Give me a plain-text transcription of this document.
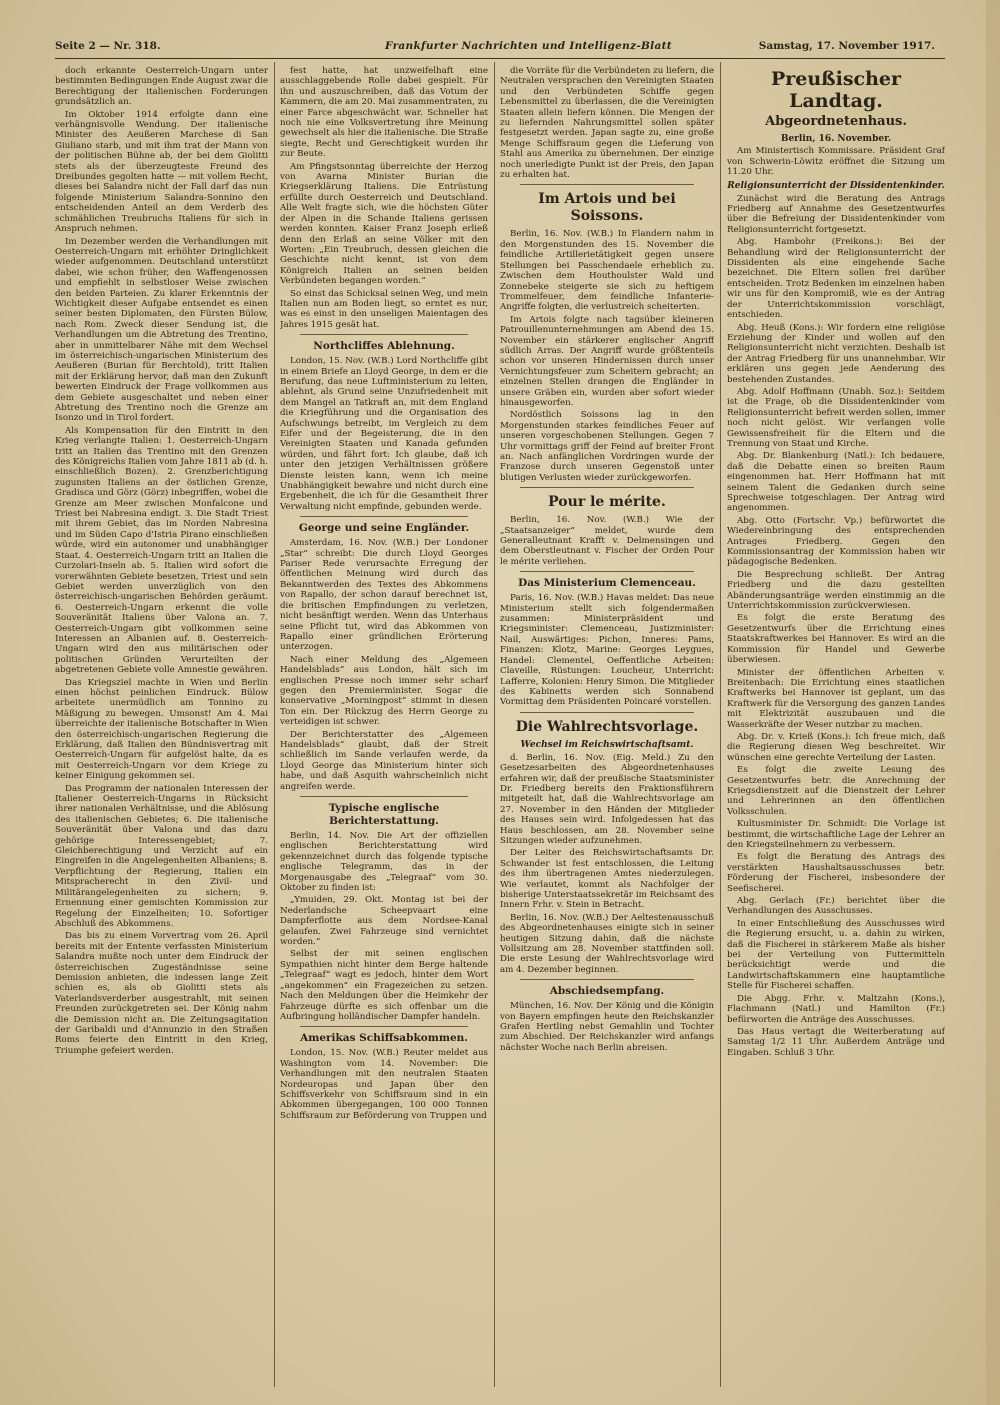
Seite 2 — Nr. 318.	Frankfurter Nachrichten und Intelligenz-Blatt	Samstag, 17. November 1917.

doch erkannte Oesterreich-Ungarn unter bestimmten Bedingungen Ende August zwar die Berechtigung der italienischen Forderungen grundsätzlich an.

Im Oktober 1914 erfolgte dann eine verhängnisvolle Wendung. Der italienische Minister des Aeußeren Marchese di San Giuliano starb, und mit ihm trat der Mann von der politischen Bühne ab, der bei dem Giolitti stets als der überzeugteste Freund des Dreibundes gegolten hatte — mit vollem Recht, dieses bei Salandra nicht der Fall darf das nun folgende Ministerium Salandra-Sonnino den entscheidenden Anteil an dem Verderb des schmählichen Treubruchs Italiens für sich in Anspruch nehmen.

Im Dezember werden die Verhandlungen mit Oesterreich-Ungarn mit erhöhter Dringlichkeit wieder aufgenommen. Deutschland unterstützt dabei, wie schon früher, den Waffengenossen und empfiehlt in selbstloser Weise zwischen den beiden Parteien. Zu klarer Erkenntnis der Wichtigkeit dieser Aufgabe entsendet es einen seiner besten Diplomaten, den Fürsten Bülow, nach Rom. Zweck dieser Sendung ist, die Verhandlungen um die Abtretung des Trentino, aber in unmittelbarer Nähe mit dem Wechsel im österreichisch-ungarischen Ministerium des Aeußeren (Burian für Berchtold), tritt Italien mit der Erklärung hervor, daß man den Zukunft bewerten Eindruck der Frage vollkommen aus dem Gebiete ausgeschaltet und neben einer Abtretung des Trentino noch die Grenze am Isonzo und in Tirol fordert.

Als Kompensation für den Eintritt in den Krieg verlangte Italien: 1. Oesterreich-Ungarn tritt an Italien das Trentino mit den Grenzen des Königreichs Italien vom Jahre 1811 ab (d. h. einschließlich Bozen). 2. Grenzberichtigung zugunsten Italiens an der östlichen Grenze, Gradisca und Görz (Görz) inbegriffen, wobei die Grenze am Meer zwischen Monfalcone und Triest bei Nabresina endigt. 3. Die Stadt Triest mit ihrem Gebiet, das im Norden Nabresina und im Süden Capo d'Istria Pirano einschließen würde, wird ein autonomer und unabhängiger Staat. 4. Oesterreich-Ungarn tritt an Italien die Curzolari-Inseln ab. 5. Italien wird sofort die vorerwähnten Gebiete besetzen, Triest und sein Gebiet werden unverzüglich von den österreichisch-ungarischen Behörden geräumt. 6. Oesterreich-Ungarn erkennt die volle Souveränität Italiens über Valona an. 7. Oesterreich-Ungarn gibt vollkommen seine Interessen an Albanien auf. 8. Oesterreich-Ungarn wird den aus militärischen oder politischen Gründen Verurteilten der abgetretenen Gebiete volle Amnestie gewähren.

Das Kriegsziel machte in Wien und Berlin einen höchst peinlichen Eindruck. Bülow arbeitete unermüdlich am Tonnino zu Mäßigung zu bewegen. Umsonst! Am 4. Mai überreichte der italienische Botschafter in Wien den österreichisch-ungarischen Regierung die Erklärung, daß Italien den Bündnisvertrag mit Oesterreich-Ungarn für aufgelöst halte, da es mit Oesterreich-Ungarn vor dem Kriege zu keiner Einigung gekommen sei.

Das Programm der nationalen Interessen der Italiener Oesterreich-Ungarns in Rücksicht ihrer nationalen Verhältnisse, und die Ablösung des italienischen Gebietes; 6. Die italienische Souveränität über Valona und das dazu gehörige Interessengebiet; 7. Gleichberechtigung und Verzicht auf ein Eingreifen in die Angelegenheiten Albaniens; 8. Verpflichtung der Regierung, Italien ein Mitspracherecht in den Zivil- und Militärangelegenheiten zu sichern; 9. Ernennung einer gemischten Kommission zur Regelung der Einzelheiten; 10. Sofortiger Abschluß des Abkommens.

Das bis zu einem Vorvertrag vom 26. April bereits mit der Entente verfassten Ministerium Salandra mußte noch unter dem Eindruck der österreichischen Zugeständnisse seine Demission anbieten, die indessen lange Zeit schien es, als ob Giolitti stets als Vaterlandsverderber ausgestrahlt, mit seinen Freunden zurückgetreten sei. Der König nahm die Demission nicht an. Die Zeitungsagitation der Garibaldi und d'Annunzio in den Straßen Roms feierte den Eintritt in den Krieg, Triumphe gefeiert werden.

fest hatte, hat unzweifelhaft eine ausschlaggebende Rolle dabei gespielt. Für ihn und auszuschreiben, daß das Votum der Kammern, die am 20. Mai zusammentraten, zu einer Farce abgeschwächt war. Schneller hat noch nie eine Volksvertretung ihre Meinung gewechselt als hier die italienische. Die Straße siegte, Recht und Gerechtigkeit wurden ihr zur Beute.

Am Pfingstsonntag überreichte der Herzog von Avarna Minister Burian die Kriegserklärung Italiens. Die Entrüstung erfüllte durch Oesterreich und Deutschland. Alle Welt fragte sich, wie die höchsten Güter der Alpen in die Schande Italiens gerissen werden konnten. Kaiser Franz Joseph erließ denn den Erlaß an seine Völker mit den Worten: „Ein Treubruch, dessen gleichen die Geschichte nicht kennt, ist von dem Königreich Italien an seinen beiden Verbündeten begangen worden.“

So einst das Schicksal seinen Weg, und mein Italien nun am Boden liegt, so erntet es nur, was es einst in den unseligen Maientagen des Jahres 1915 gesät hat.

Northcliffes Ablehnung.

London, 15. Nov. (W.B.) Lord Northcliffe gibt in einem Briefe an Lloyd George, in dem er die Berufung, das neue Luftministerium zu leiten, ablehnt, als Grund seine Unzufriedenheit mit dem Mangel an Tatkraft an, mit dem England die Kriegführung und die Organisation des Aufschwungs betreibt, im Vergleich zu dem Eifer und der Begeisterung, die in den Vereinigten Staaten und Kanada gefunden würden, und fährt fort: Ich glaube, daß ich unter den jetzigen Verhältnissen größere Dienste leisten kann, wenn ich meine Unabhängigkeit bewahre und nicht durch eine Ergebenheit, die ich für die Gesamtheit Ihrer Verwaltung nicht empfinde, gebunden werde.

George und seine Engländer.

Amsterdam, 16. Nov. (W.B.) Der Londoner „Star“ schreibt: Die durch Lloyd Georges Pariser Rede verursachte Erregung der öffentlichen Meinung wird durch das Bekanntwerden des Textes des Abkommens von Rapallo, der schon darauf berechnet ist, die britischen Empfindungen zu verletzen, nicht besänftigt werden. Wenn das Unterhaus seine Pflicht tut, wird das Abkommen von Rapallo einer gründlichen Erörterung unterzogen.

Nach einer Meldung des „Algemeen Handelsblads“ aus London, hält sich im englischen Presse noch immer sehr scharf gegen den Premierminister. Sogar die konservative „Morningpost“ stimmt in diesen Ton ein. Der Rückzug des Herrn George zu verteidigen ist schwer.

Der Berichterstatter des „Algemeen Handelsblads“ glaubt, daß der Streit schließlich im Sande verlaufen werde, da Lloyd George das Ministerium hinter sich habe, und daß Asquith wahrscheinlich nicht angreifen werde.

Typische englische Berichterstattung.

Berlin, 14. Nov. Die Art der offiziellen englischen Berichterstattung wird gekennzeichnet durch das folgende typische englische Telegramm, das in der Morgenausgabe des „Telegraaf“ vom 30. Oktober zu finden ist:

„Ymuiden, 29. Okt. Montag ist bei der Nederlandsche Scheepvaart eine Dampferflotte aus dem Nordsee-Kanal gelaufen. Zwei Fahrzeuge sind vernichtet worden.“

Selbst der mit seinen englischen Sympathien nicht hinter dem Berge haltende „Telegraaf“ wagt es jedoch, hinter dem Wort „angekommen“ ein Fragezeichen zu setzen. Nach den Meldungen über die Heimkehr der Fahrzeuge dürfte es sich offenbar um die Aufbringung holländischer Dampfer handeln.

Amerikas Schiffsabkommen.

London, 15. Nov. (W.B.) Reuter meldet aus Washington vom 14. November: Die Verhandlungen mit den neutralen Staaten Nordeuropas und Japan über den Schiffsverkehr von Schiffsraum sind in ein Abkommen übergegangen, 100 000 Tonnen Schiffsraum zur Beförderung von Truppen und

die Vorräte für die Verbündeten zu liefern, die Neutralen versprachen den Vereinigten Staaten und den Verbündeten Schiffe gegen Lebensmittel zu überlassen, die die Vereinigten Staaten allein liefern können. Die Mengen der zu liefernden Nahrungsmittel sollen später festgesetzt werden. Japan sagte zu, eine große Menge Schiffsraum gegen die Lieferung von Stahl aus Amerika zu übernehmen. Der einzige noch unerledigte Punkt ist der Preis, den Japan zu erhalten hat.

Im Artois und bei Soissons.

Berlin, 16. Nov. (W.B.) In Flandern nahm in den Morgenstunden des 15. November die feindliche Artillerietätigkeit gegen unsere Stellungen bei Passchendaele erheblich zu. Zwischen dem Houthoulster Wald und Zonnebeke steigerte sie sich zu heftigem Trommelfeuer, dem feindliche Infanterie-Angriffe folgten, die verlustreich scheiterten.

Im Artois folgte nach tagsüber kleineren Patrouillenunternehmungen am Abend des 15. November ein stärkerer englischer Angriff südlich Arras. Der Angriff wurde größtenteils schon vor unseren Hindernissen durch unser Vernichtungsfeuer zum Scheitern gebracht; an einzelnen Stellen drangen die Engländer in unsere Gräben ein, wurden aber sofort wieder hinausgeworfen.

Nordöstlich Soissons lag in den Morgenstunden starkes feindliches Feuer auf unseren vorgeschobenen Stellungen. Gegen 7 Uhr vormittags griff der Feind auf breiter Front an. Nach anfänglichen Vordringen wurde der Franzose durch unseren Gegenstoß unter blutigen Verlusten wieder zurückgeworfen.

Pour le mérite.

Berlin, 16. Nov. (W.B.) Wie der „Staatsanzeiger“ meldet, wurde dem Generalleutnant Krafft v. Delmensingen und dem Oberstleutnant v. Fischer der Orden Pour le mérite verliehen.

Das Ministerium Clemenceau.

Paris, 16. Nov. (W.B.) Havas meldet: Das neue Ministerium stellt sich folgendermaßen zusammen: Ministerpräsident und Kriegsminister: Clemenceau, Justizminister: Nail, Auswärtiges: Pichon, Inneres: Pams, Finanzen: Klotz, Marine: Georges Leygues, Handel: Clementel, Oeffentliche Arbeiten: Claveille, Rüstungen: Loucheur, Unterricht: Lafferre, Kolonien: Henry Simon. Die Mitglieder des Kabinetts werden sich Sonnabend Vormittag dem Präsidenten Poincaré vorstellen.

Die Wahlrechtsvorlage.
Wechsel im Reichswirtschaftsamt.

d. Berlin, 16. Nov. (Eig. Meld.) Zu den Gesetzesarbeiten des Abgeordnetenhauses erfahren wir, daß der preußische Staatsminister Dr. Friedberg bereits den Fraktionsführern mitgeteilt hat, daß die Wahlrechtsvorlage am 27. November in den Händen der Mitglieder des Hauses sein wird. Infolgedessen hat das Haus beschlossen, am 28. November seine Sitzungen wieder aufzunehmen.

Der Leiter des Reichswirtschaftsamts Dr. Schwander ist fest entschlossen, die Leitung des ihm übertragenen Amtes niederzulegen. Wie verlautet, kommt als Nachfolger der bisherige Unterstaatssekretär im Reichsamt des Innern Frhr. v. Stein in Betracht.

Berlin, 16. Nov. (W.B.) Der Aeltestenausschuß des Abgeordnetenhauses einigte sich in seiner heutigen Sitzung dahin, daß die nächste Vollsitzung am 28. November stattfinden soll. Die erste Lesung der Wahlrechtsvorlage wird am 4. Dezember beginnen.

Abschiedsempfang.

München, 16. Nov. Der König und die Königin von Bayern empfingen heute den Reichskanzler Grafen Hertling nebst Gemahlin und Tochter zum Abschied. Der Reichskanzler wird anfangs nächster Woche nach Berlin abreisen.

Preußischer Landtag.
Abgeordnetenhaus.
Berlin, 16. November.

Am Ministertisch Kommissare. Präsident Graf von Schwerin-Löwitz eröffnet die Sitzung um 11.20 Uhr.

Religionsunterricht der Dissidentenkinder.

Zunächst wird die Beratung des Antrags Friedberg auf Annahme des Gesetzentwurfes über die Befreiung der Dissidentenkinder vom Religionsunterricht fortgesetzt.

Abg. Hambohr (Freikons.): Bei der Behandlung wird der Religionsunterricht der Dissidenten als eine eingehende Sache bezeichnet. Die Eltern sollen frei darüber entscheiden. Trotz Bedenken im einzelnen haben wir uns für den Kompromiß, wie es der Antrag der Unterrichtskommission vorschlägt, entschieden.

Abg. Heuß (Kons.): Wir fordern eine religiöse Erziehung der Kinder und wollen auf den Religionsunterricht nicht verzichten. Deshalb ist der Antrag Friedberg für uns unannehmbar. Wir erklären uns gegen jede Aenderung des bestehenden Zustandes.

Abg. Adolf Hoffmann (Unabh. Soz.): Seitdem ist die Frage, ob die Dissidentenkinder vom Religionsunterricht befreit werden sollen, immer noch nicht gelöst. Wir verlangen volle Gewissensfreiheit für die Eltern und die Trennung von Staat und Kirche.

Abg. Dr. Blankenburg (Natl.): Ich bedauere, daß die Debatte einen so breiten Raum eingenommen hat. Herr Hoffmann hat mit seinem Talent die Gedanken durch seine Sprechweise totgeschlagen. Der Antrag wird angenommen.

Abg. Otto (Fortschr. Vp.) befürwortet die Wiedereinbringung des entsprechenden Antrages Friedberg. Gegen den Kommissionsantrag der Kommission haben wir pädagogische Bedenken.

Die Besprechung schließt. Der Antrag Friedberg und die dazu gestellten Abänderungsanträge werden einstimmig an die Unterrichtskommission zurückverwiesen.

Es folgt die erste Beratung des Gesetzentwurfs über die Errichtung eines Staatskraftwerkes bei Hannover. Es wird an die Kommission für Handel und Gewerbe überwiesen.

Minister der öffentlichen Arbeiten v. Breitenbach: Die Errichtung eines staatlichen Kraftwerks bei Hannover ist geplant, um das Kraftwerk für die Versorgung des ganzen Landes mit Elektrizität auszubauen und die Wasserkräfte der Weser nutzbar zu machen.

Abg. Dr. v. Krieß (Kons.): Ich freue mich, daß die Regierung diesen Weg beschreitet. Wir wünschen eine gerechte Verteilung der Lasten.

Es folgt die zweite Lesung des Gesetzentwurfes betr. die Anrechnung der Kriegsdienstzeit auf die Dienstzeit der Lehrer und Lehrerinnen an den öffentlichen Volksschulen.

Kultusminister Dr. Schmidt: Die Vorlage ist bestimmt, die wirtschaftliche Lage der Lehrer an den Kriegsteilnehmern zu verbessern.

Es folgt die Beratung des Antrags des verstärkten Haushaltsausschusses betr. Förderung der Fischerei, insbesondere der Seefischerei.

Abg. Gerlach (Fr.) berichtet über die Verhandlungen des Ausschusses.

In einer Entschließung des Ausschusses wird die Regierung ersucht, u. a. dahin zu wirken, daß die Fischerei in stärkerem Maße als bisher bei der Verteilung von Futtermitteln berücksichtigt werde und die Landwirtschaftskammern eine hauptamtliche Stelle für Fischerei schaffen.

Die Abgg. Frhr. v. Maltzahn (Kons.), Flachmann (Natl.) und Hamilton (Fr.) befürworten die Anträge des Ausschusses.

Das Haus vertagt die Weiterberatung auf Samstag 1/2 11 Uhr. Außerdem Anträge und Eingaben. Schluß 3 Uhr.
